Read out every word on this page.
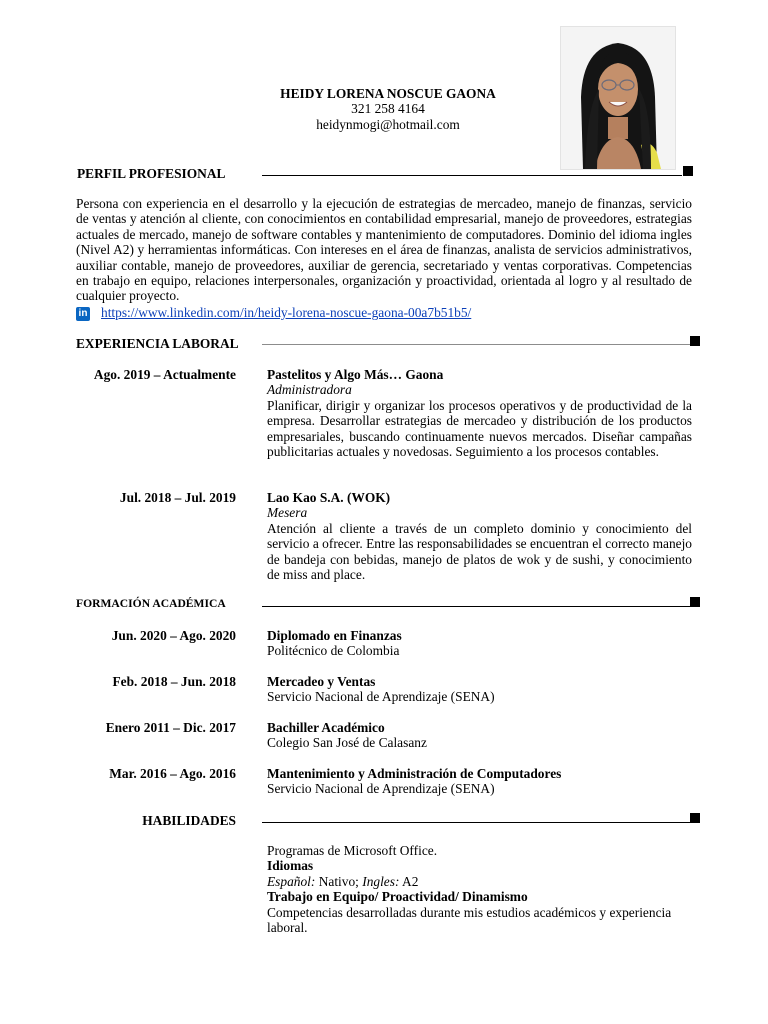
HEIDY LORENA NOSCUE GAONA
321 258 4164
heidynmogi@hotmail.com
PERFIL PROFESIONAL
Persona con experiencia en el desarrollo y la ejecución de estrategias de mercadeo, manejo de finanzas, servicio de ventas y atención al cliente, con conocimientos en contabilidad empresarial, manejo de proveedores, estrategias actuales de mercado, manejo de software contables y mantenimiento de computadores. Dominio del idioma ingles (Nivel A2) y herramientas informáticas. Con intereses en el área de finanzas, analista de servicios administrativos, auxiliar contable, manejo de proveedores, auxiliar de gerencia, secretariado y ventas corporativas. Competencias en trabajo en equipo, relaciones interpersonales, organización y proactividad, orientada al logro y al resultado de cualquier proyecto.
in https://www.linkedin.com/in/heidy-lorena-noscue-gaona-00a7b51b5/
EXPERIENCIA LABORAL
Ago. 2019 – Actualmente Pastelitos y Algo Más… Gaona
Administradora
Planificar, dirigir y organizar los procesos operativos y de productividad de la empresa. Desarrollar estrategias de mercadeo y distribución de los productos empresariales, buscando continuamente nuevos mercados. Diseñar campañas publicitarias actuales y novedosas. Seguimiento a los procesos contables.
Jul. 2018 – Jul. 2019 Lao Kao S.A. (WOK)
Mesera
Atención al cliente a través de un completo dominio y conocimiento del servicio a ofrecer. Entre las responsabilidades se encuentran el correcto manejo de bandeja con bebidas, manejo de platos de wok y de sushi, y conocimiento de miss and place.
FORMACIÓN ACADÉMICA
Jun. 2020 – Ago. 2020 Diplomado en Finanzas
Politécnico de Colombia
Feb. 2018 – Jun. 2018 Mercadeo y Ventas
Servicio Nacional de Aprendizaje (SENA)
Enero 2011 – Dic. 2017 Bachiller Académico
Colegio San José de Calasanz
Mar. 2016 – Ago. 2016 Mantenimiento y Administración de Computadores
Servicio Nacional de Aprendizaje (SENA)
HABILIDADES
Programas de Microsoft Office.
Idiomas
Español: Nativo; Ingles: A2
Trabajo en Equipo/ Proactividad/ Dinamismo
Competencias desarrolladas durante mis estudios académicos y experiencia laboral.
